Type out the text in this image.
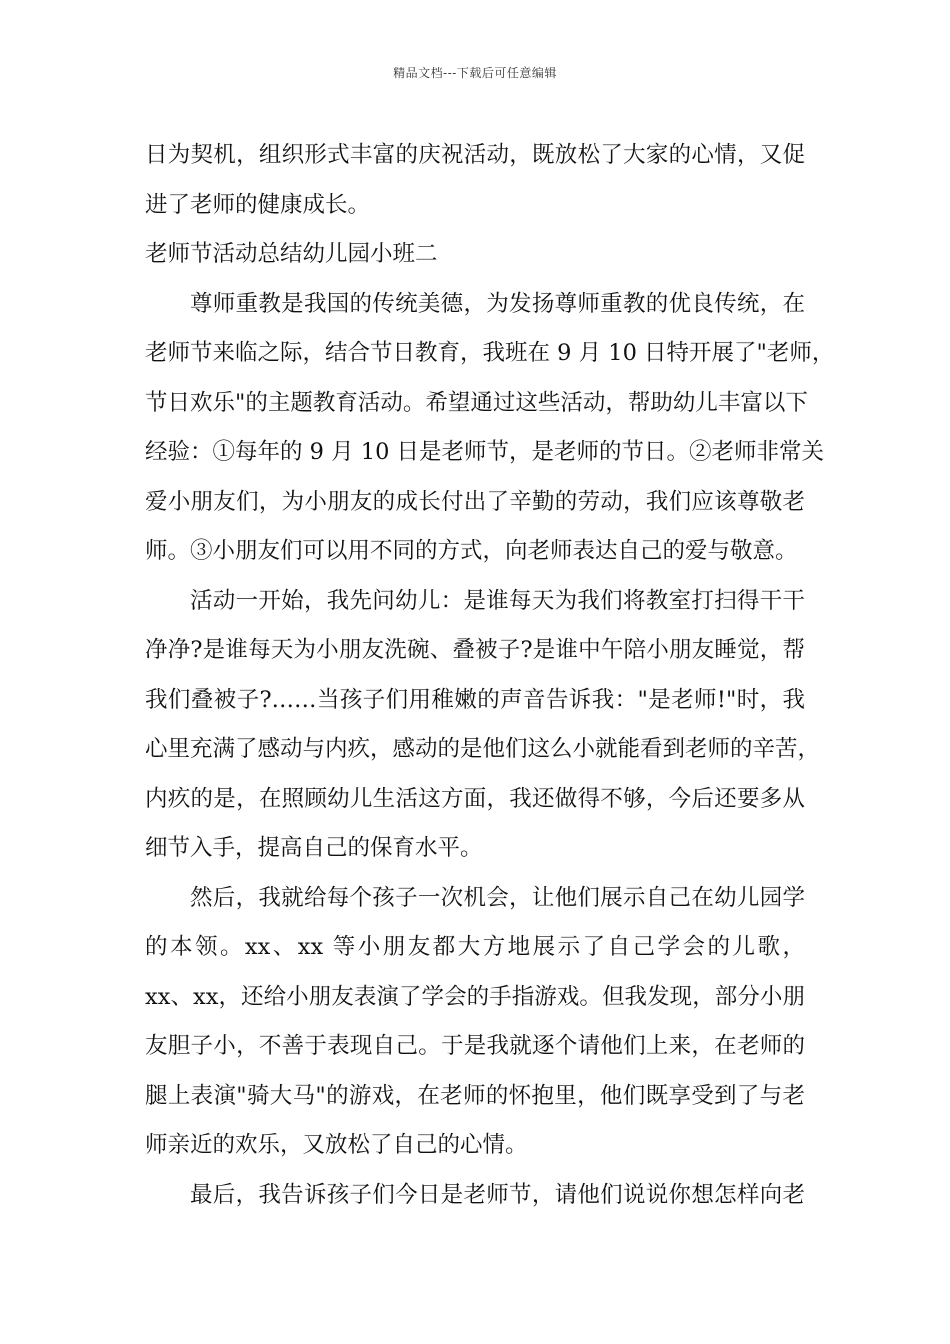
精品文档---下载后可任意编辑
日为契机，组织形式丰富的庆祝活动，既放松了大家的心情，又促
进了老师的健康成长。
老师节活动总结幼儿园小班二
尊师重教是我国的传统美德，为发扬尊师重教的优良传统，在
老师节来临之际，结合节日教育，我班在 9 月 10 日特开展了"老师，
节日欢乐"的主题教育活动。希望通过这些活动，帮助幼儿丰富以下
经验：①每年的 9 月 10 日是老师节，是老师的节日。②老师非常关
爱小朋友们，为小朋友的成长付出了辛勤的劳动，我们应该尊敬老
师。③小朋友们可以用不同的方式，向老师表达自己的爱与敬意。
活动一开始，我先问幼儿：是谁每天为我们将教室打扫得干干
净净?是谁每天为小朋友洗碗、叠被子?是谁中午陪小朋友睡觉，帮
我们叠被子?……当孩子们用稚嫩的声音告诉我："是老师!"时，我
心里充满了感动与内疚，感动的是他们这么小就能看到老师的辛苦，
内疚的是，在照顾幼儿生活这方面，我还做得不够，今后还要多从
细节入手，提高自己的保育水平。
然后，我就给每个孩子一次机会，让他们展示自己在幼儿园学
的本领。xx、xx 等小朋友都大方地展示了自己学会的儿歌，
xx、xx，还给小朋友表演了学会的手指游戏。但我发现，部分小朋
友胆子小，不善于表现自己。于是我就逐个请他们上来，在老师的
腿上表演"骑大马"的游戏，在老师的怀抱里，他们既享受到了与老
师亲近的欢乐，又放松了自己的心情。
最后，我告诉孩子们今日是老师节，请他们说说你想怎样向老
